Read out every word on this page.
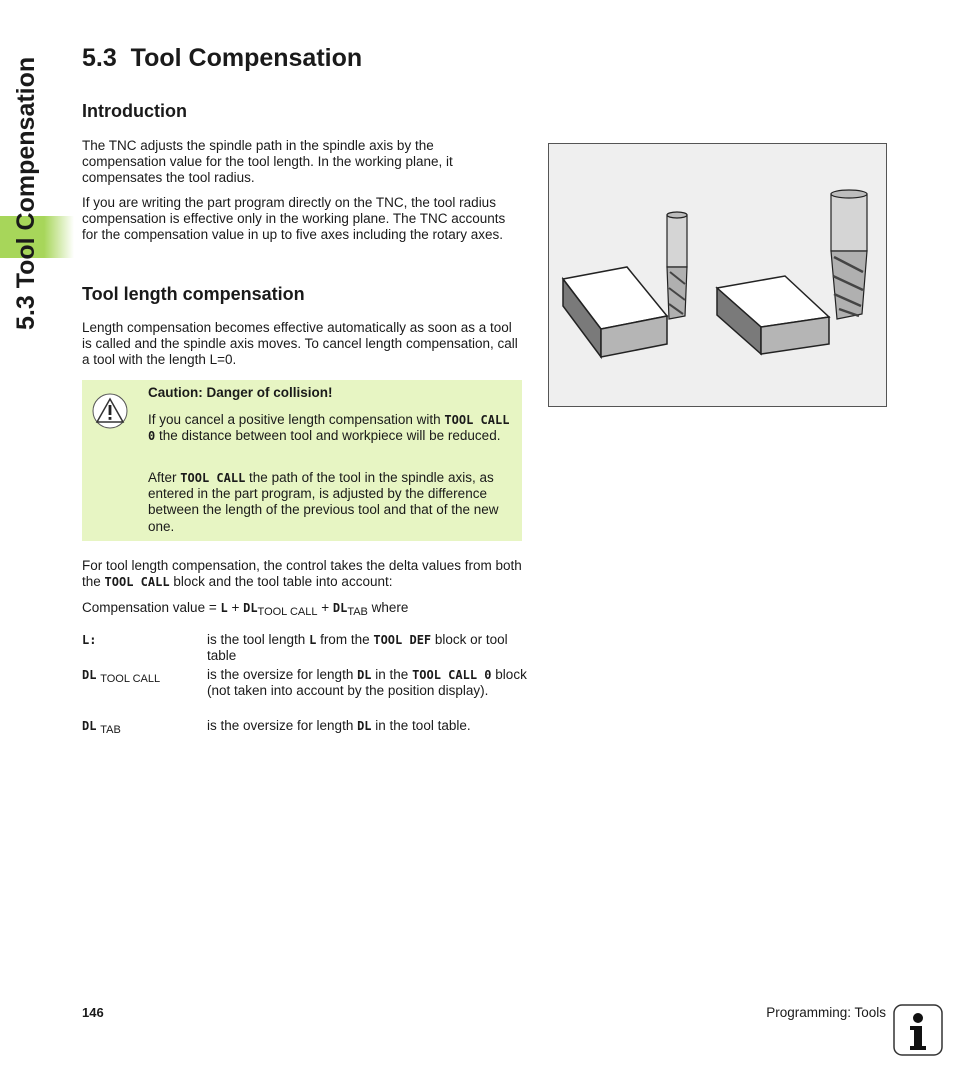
5.3 Tool Compensation 5.3 Tool Compensation
Introduction

The TNC adjusts the spindle path in the spindle axis by the compensation value for the tool length. In the working plane, it compensates the tool radius.

If you are writing the part program directly on the TNC, the tool radius compensation is effective only in the working plane. The TNC accounts for the compensation value in up to five axes including the rotary axes.

Tool length compensation

Length compensation becomes effective automatically as soon as a tool is called and the spindle axis moves. To cancel length compensation, call a tool with the length L=0.

Caution: Danger of collision!

If you cancel a positive length compensation with TOOL CALL 0 the distance between tool and workpiece will be reduced.

After TOOL CALL the path of the tool in the spindle axis, as entered in the part program, is adjusted by the difference between the length of the previous tool and that of the new one.

For tool length compensation, the control takes the delta values from both the TOOL CALL block and the tool table into account:

Compensation value = $L + DL_{TOOL CALL} + DL_{TAB}$ where

L:	is the tool length L from the TOOL DEF block or tool table
DL $_{TOOL CALL}$	is the oversize for length DL in the TOOL CALL 0 block (not taken into account by the position display).
DL $_{TAB}$	is the oversize for length DL in the tool table.
146	Programming: Tools
